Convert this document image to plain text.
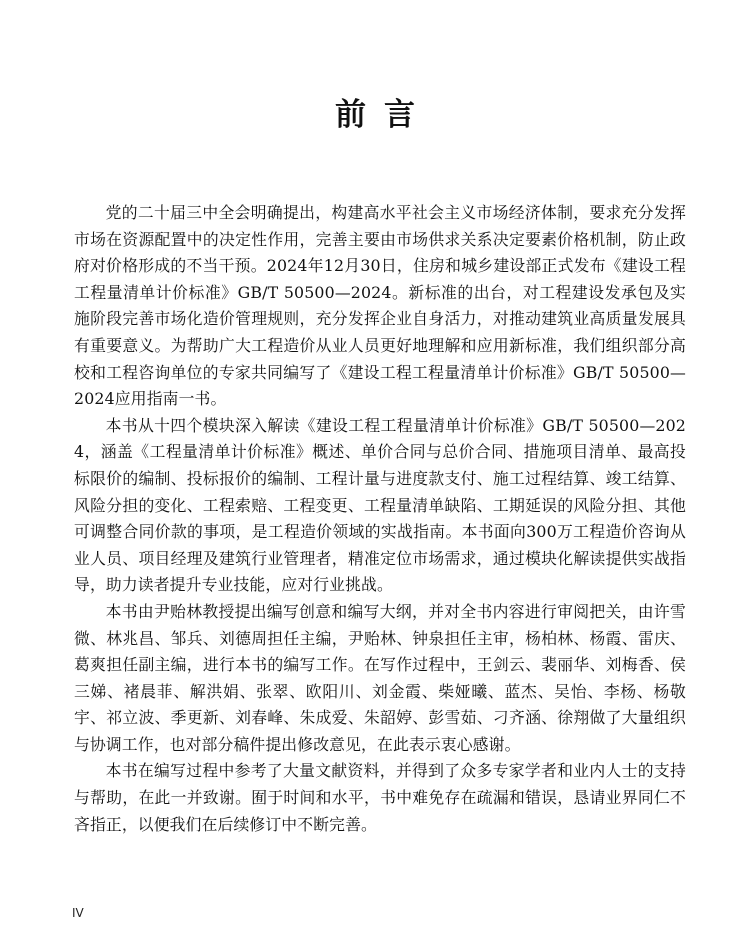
前言

党的二十届三中全会明确提出，构建高水平社会主义市场经济体制，要求充分发挥市场在资源配置中的决定性作用，完善主要由市场供求关系决定要素价格机制，防止政府对价格形成的不当干预。2024年12月30日，住房和城乡建设部正式发布《建设工程工程量清单计价标准》GB/T 50500—2024。新标准的出台，对工程建设发承包及实施阶段完善市场化造价管理规则，充分发挥企业自身活力，对推动建筑业高质量发展具有重要意义。为帮助广大工程造价从业人员更好地理解和应用新标准，我们组织部分高校和工程咨询单位的专家共同编写了《建设工程工程量清单计价标准》GB/T 50500—2024应用指南一书。

本书从十四个模块深入解读《建设工程工程量清单计价标准》GB/T 50500—2024，涵盖《工程量清单计价标准》概述、单价合同与总价合同、措施项目清单、最高投标限价的编制、投标报价的编制、工程计量与进度款支付、施工过程结算、竣工结算、风险分担的变化、工程索赔、工程变更、工程量清单缺陷、工期延误的风险分担、其他可调整合同价款的事项，是工程造价领域的实战指南。本书面向300万工程造价咨询从业人员、项目经理及建筑行业管理者，精准定位市场需求，通过模块化解读提供实战指导，助力读者提升专业技能，应对行业挑战。

本书由尹贻林教授提出编写创意和编写大纲，并对全书内容进行审阅把关，由许雪微、林兆昌、邹兵、刘德周担任主编，尹贻林、钟泉担任主审，杨柏林、杨霞、雷庆、葛爽担任副主编，进行本书的编写工作。在写作过程中，王剑云、裴丽华、刘梅香、侯三娣、褚晨菲、解洪娟、张翠、欧阳川、刘金霞、柴娅曦、蓝杰、吴怡、李杨、杨敬宇、祁立波、季更新、刘春峰、朱成爱、朱韶婷、彭雪茹、刁齐涵、徐翔做了大量组织与协调工作，也对部分稿件提出修改意见，在此表示衷心感谢。

本书在编写过程中参考了大量文献资料，并得到了众多专家学者和业内人士的支持与帮助，在此一并致谢。囿于时间和水平，书中难免存在疏漏和错误，恳请业界同仁不吝指正，以便我们在后续修订中不断完善。

IV
